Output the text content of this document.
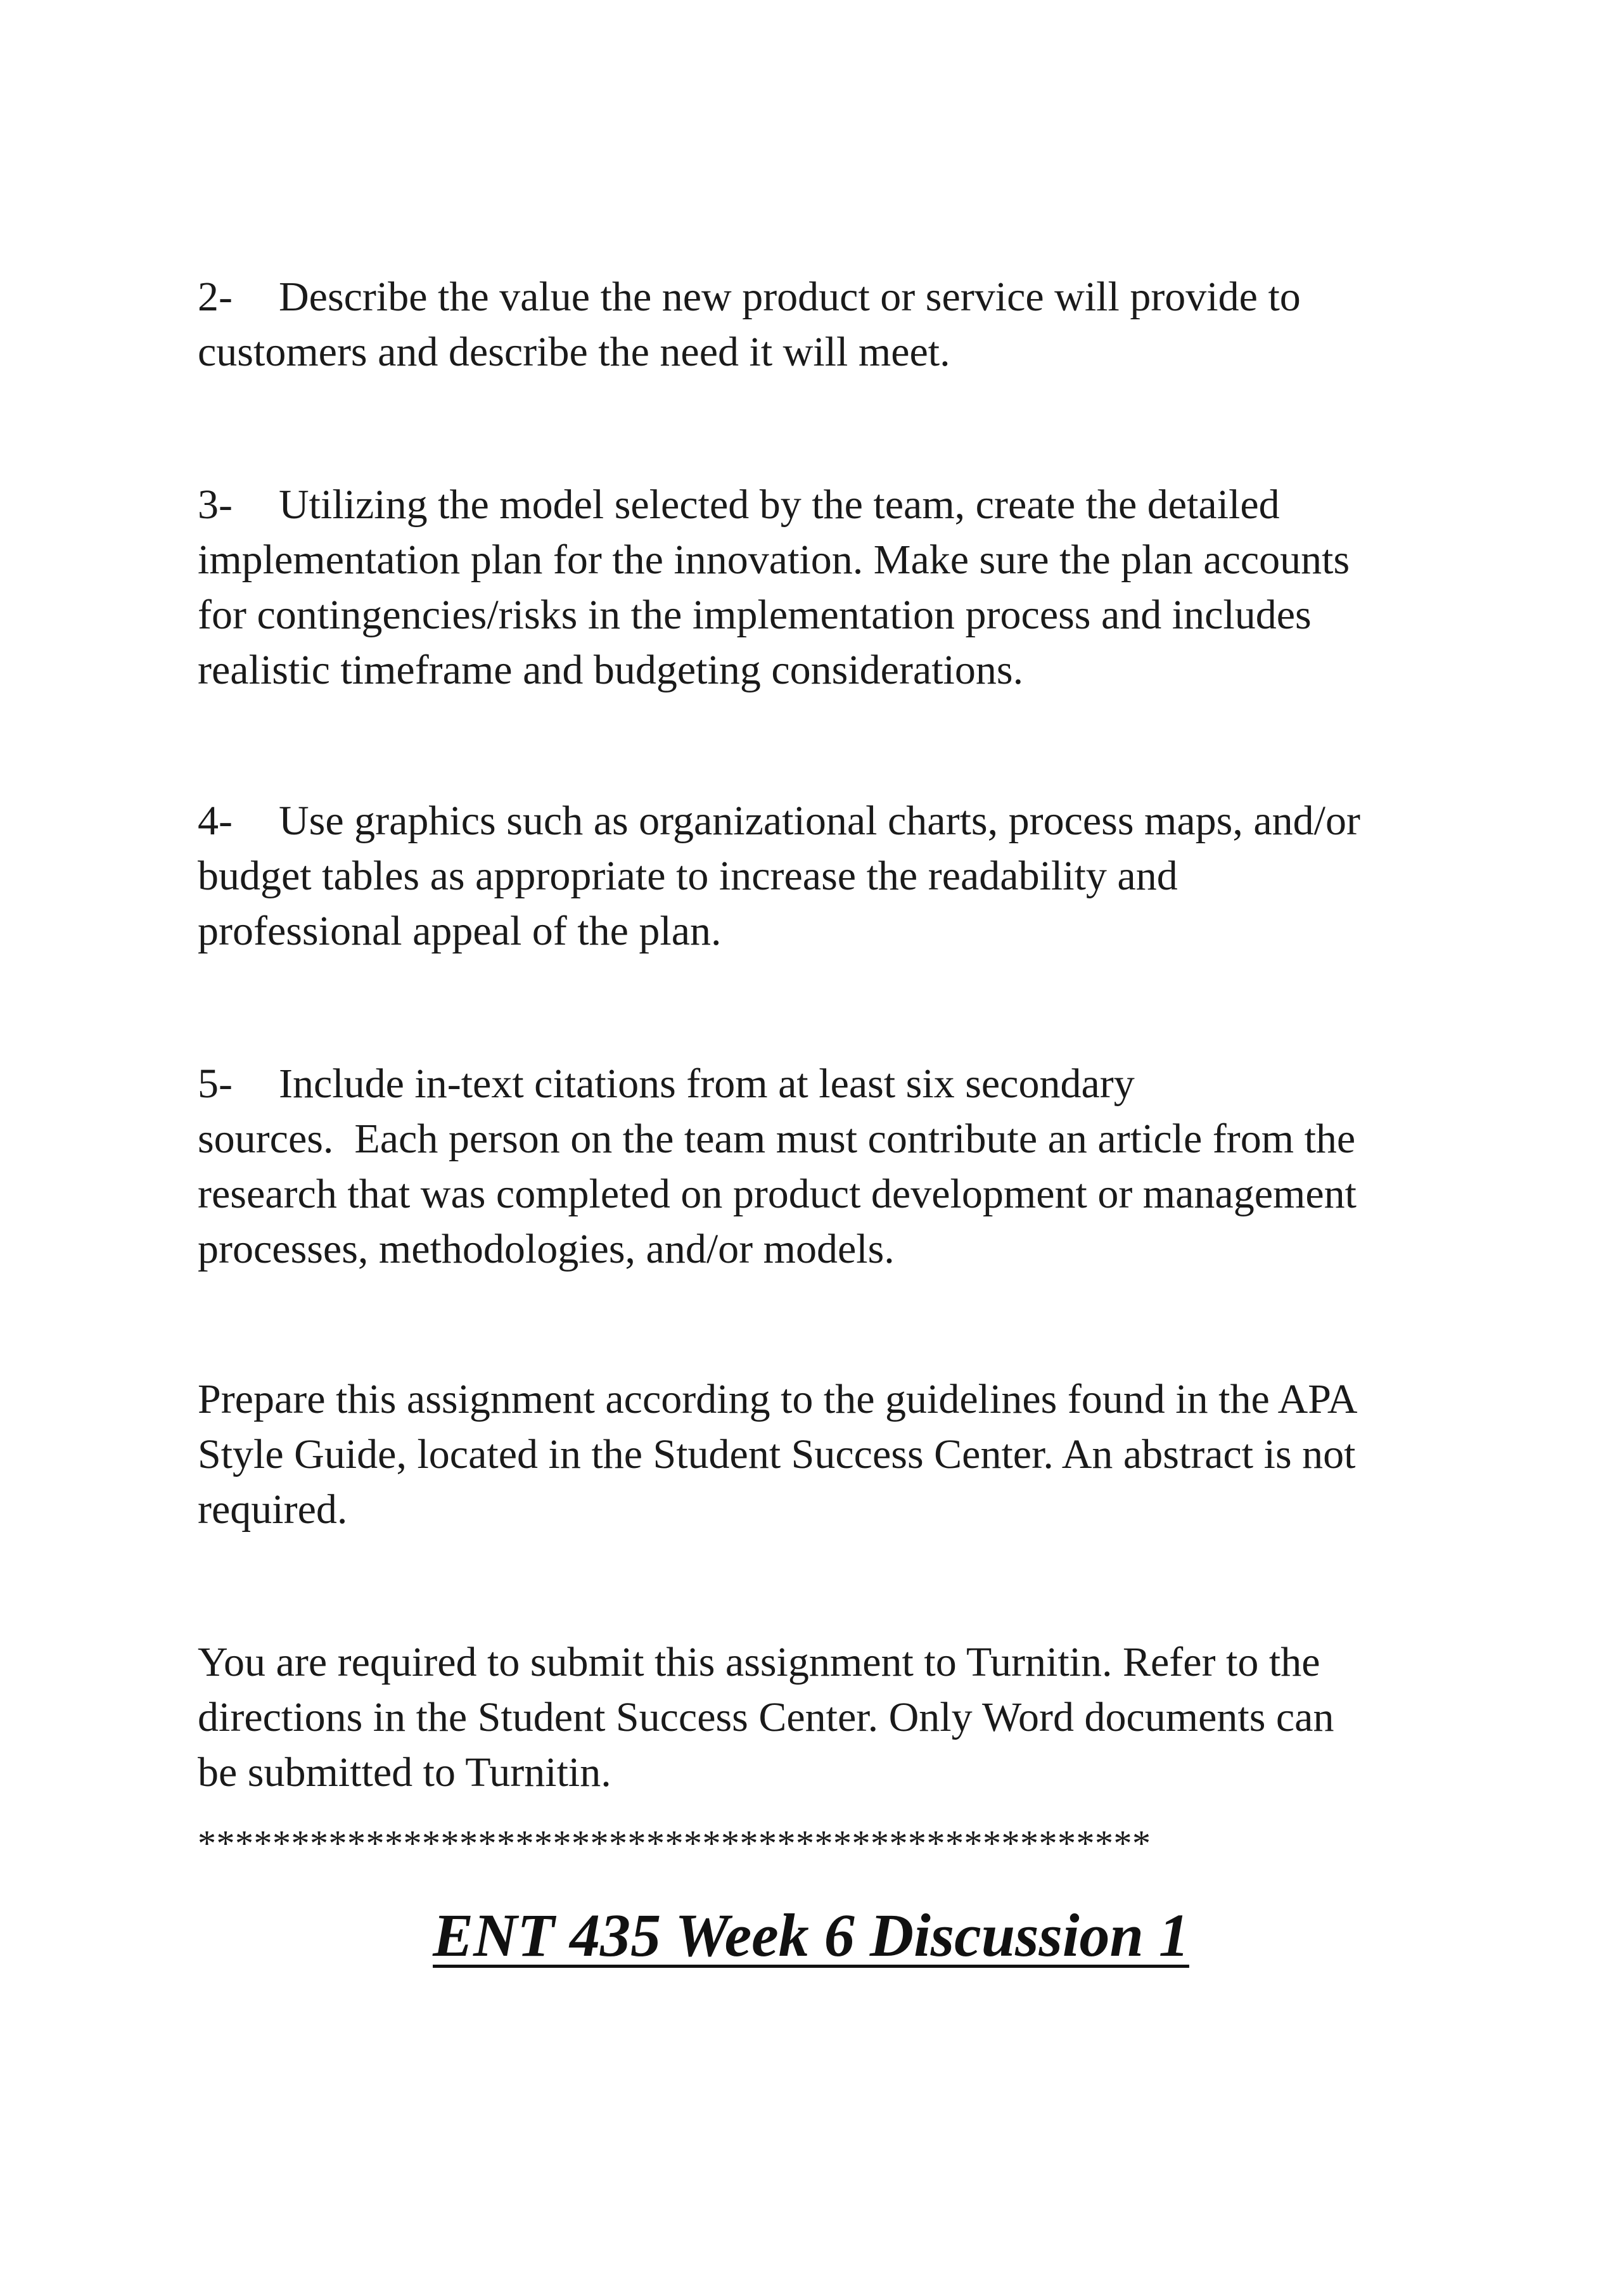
2- Describe the value the new product or service will provide to
customers and describe the need it will meet.

3- Utilizing the model selected by the team, create the detailed
implementation plan for the innovation. Make sure the plan accounts
for contingencies/risks in the implementation process and includes
realistic timeframe and budgeting considerations.

4- Use graphics such as organizational charts, process maps, and/or
budget tables as appropriate to increase the readability and
professional appeal of the plan.

5- Include in-text citations from at least six secondary
sources.  Each person on the team must contribute an article from the
research that was completed on product development or management
processes, methodologies, and/or models.

Prepare this assignment according to the guidelines found in the APA
Style Guide, located in the Student Success Center. An abstract is not
required.

You are required to submit this assignment to Turnitin. Refer to the
directions in the Student Success Center. Only Word documents can
be submitted to Turnitin.

***************************************************

ENT 435 Week 6 Discussion 1
